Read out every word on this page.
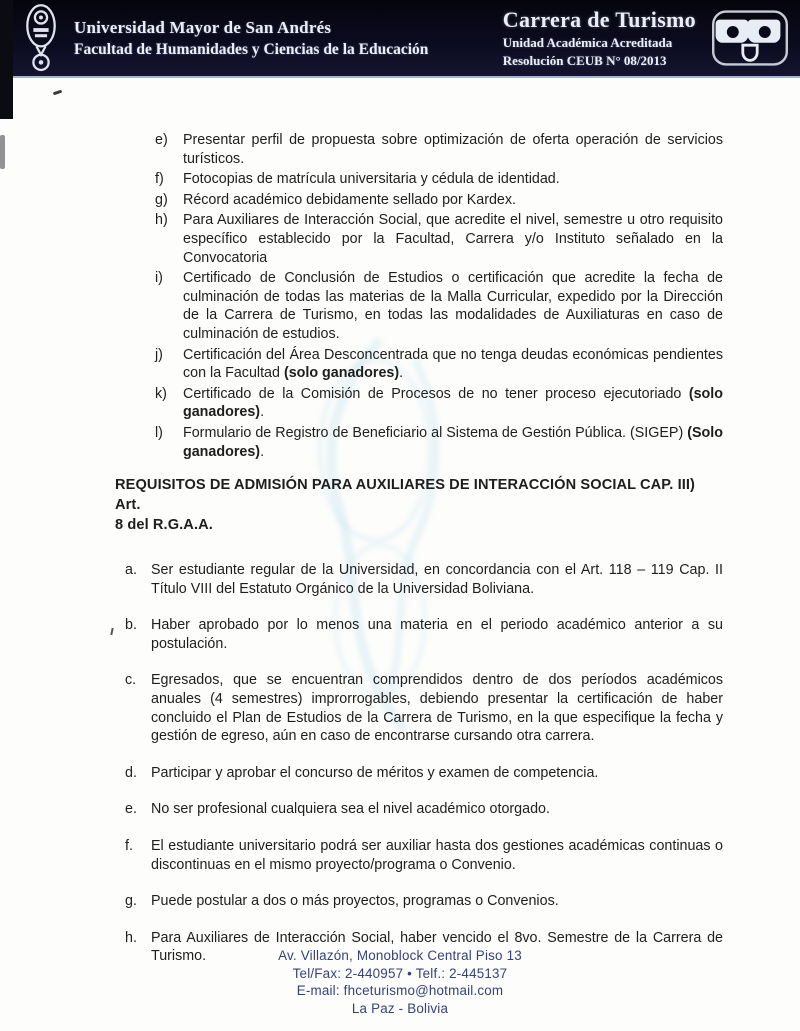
Universidad Mayor de San Andrés
Facultad de Humanidades y Ciencias de la Educación
Carrera de Turismo
Unidad Académica Acreditada
Resolución CEUB N° 08/2013
e)	Presentar perfil de propuesta sobre optimización de oferta operación de servicios turísticos.
f)	Fotocopias de matrícula universitaria y cédula de identidad.
g)	Récord académico debidamente sellado por Kardex.
h)	Para Auxiliares de Interacción Social, que acredite el nivel, semestre u otro requisito específico establecido por la Facultad, Carrera y/o Instituto señalado en la Convocatoria
i)	Certificado de Conclusión de Estudios o certificación que acredite la fecha de culminación de todas las materias de la Malla Curricular, expedido por la Dirección de la Carrera de Turismo, en todas las modalidades de Auxiliaturas en caso de culminación de estudios.
j)	Certificación del Área Desconcentrada que no tenga deudas económicas pendientes con la Facultad (solo ganadores).
k)	Certificado de la Comisión de Procesos de no tener proceso ejecutoriado (solo ganadores).
l)	Formulario de Registro de Beneficiario al Sistema de Gestión Pública. (SIGEP) (Solo ganadores).
REQUISITOS DE ADMISIÓN PARA AUXILIARES DE INTERACCIÓN SOCIAL CAP. III) Art.
8 del R.G.A.A.
a. Ser estudiante regular de la Universidad, en concordancia con el Art. 118 – 119 Cap. II Título VIII del Estatuto Orgánico de la Universidad Boliviana.
b. Haber aprobado por lo menos una materia en el periodo académico anterior a su postulación.
c.	Egresados, que se encuentran comprendidos dentro de dos períodos académicos anuales (4 semestres) improrrogables, debiendo presentar la certificación de haber concluido el Plan de Estudios de la Carrera de Turismo, en la que especifique la fecha y gestión de egreso, aún en caso de encontrarse cursando otra carrera.
d. Participar y aprobar el concurso de méritos y examen de competencia.
e. No ser profesional cualquiera sea el nivel académico otorgado.
f.	El estudiante universitario podrá ser auxiliar hasta dos gestiones académicas continuas o discontinuas en el mismo proyecto/programa o Convenio.
g. Puede postular a dos o más proyectos, programas o Convenios.
h. Para Auxiliares de Interacción Social, haber vencido el 8vo. Semestre de la Carrera de Turismo.	Av. Villazón, Monoblock Central Piso 13
Tel/Fax: 2-440957 • Telf.: 2-445137
E-mail: fhceturismo@hotmail.com
La Paz - Bolivia
